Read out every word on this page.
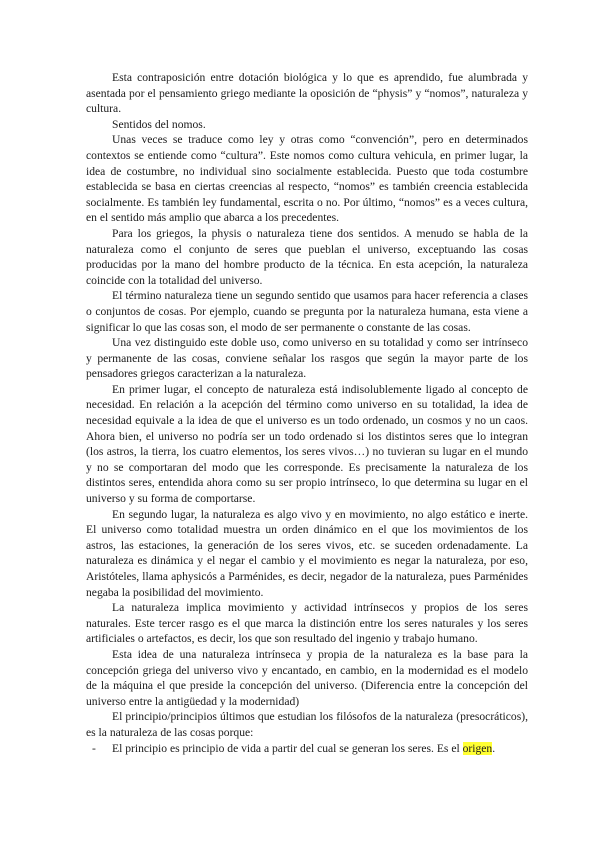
Esta contraposición entre dotación biológica y lo que es aprendido, fue alumbrada y asentada por el pensamiento griego mediante la oposición de “physis” y “nomos”, naturaleza y cultura.

Sentidos del nomos.

Unas veces se traduce como ley y otras como “convención”, pero en determinados contextos se entiende como “cultura”. Este nomos como cultura vehicula, en primer lugar, la idea de costumbre, no individual sino socialmente establecida. Puesto que toda costumbre establecida se basa en ciertas creencias al respecto, “nomos” es también creencia establecida socialmente. Es también ley fundamental, escrita o no. Por último, “nomos” es a veces cultura, en el sentido más amplio que abarca a los precedentes.

Para los griegos, la physis o naturaleza tiene dos sentidos. A menudo se habla de la naturaleza como el conjunto de seres que pueblan el universo, exceptuando las cosas producidas por la mano del hombre producto de la técnica. En esta acepción, la naturaleza coincide con la totalidad del universo.

El término naturaleza tiene un segundo sentido que usamos para hacer referencia a clases o conjuntos de cosas. Por ejemplo, cuando se pregunta por la naturaleza humana, esta viene a significar lo que las cosas son, el modo de ser permanente o constante de las cosas.

Una vez distinguido este doble uso, como universo en su totalidad y como ser intrínseco y permanente de las cosas, conviene señalar los rasgos que según la mayor parte de los pensadores griegos caracterizan a la naturaleza.

En primer lugar, el concepto de naturaleza está indisolublemente ligado al concepto de necesidad. En relación a la acepción del término como universo en su totalidad, la idea de necesidad equivale a la idea de que el universo es un todo ordenado, un cosmos y no un caos. Ahora bien, el universo no podría ser un todo ordenado si los distintos seres que lo integran (los astros, la tierra, los cuatro elementos, los seres vivos…) no tuvieran su lugar en el mundo y no se comportaran del modo que les corresponde. Es precisamente la naturaleza de los distintos seres, entendida ahora como su ser propio intrínseco, lo que determina su lugar en el universo y su forma de comportarse.

En segundo lugar, la naturaleza es algo vivo y en movimiento, no algo estático e inerte. El universo como totalidad muestra un orden dinámico en el que los movimientos de los astros, las estaciones, la generación de los seres vivos, etc. se suceden ordenadamente. La naturaleza es dinámica y el negar el cambio y el movimiento es negar la naturaleza, por eso, Aristóteles, llama aphysicós a Parménides, es decir, negador de la naturaleza, pues Parménides negaba la posibilidad del movimiento.

La naturaleza implica movimiento y actividad intrínsecos y propios de los seres naturales. Este tercer rasgo es el que marca la distinción entre los seres naturales y los seres artificiales o artefactos, es decir, los que son resultado del ingenio y trabajo humano.

Esta idea de una naturaleza intrínseca y propia de la naturaleza es la base para la concepción griega del universo vivo y encantado, en cambio, en la modernidad es el modelo de la máquina el que preside la concepción del universo. (Diferencia entre la concepción del universo entre la antigüedad y la modernidad)

El principio/principios últimos que estudian los filósofos de la naturaleza (presocráticos), es la naturaleza de las cosas porque:

- El principio es principio de vida a partir del cual se generan los seres. Es el origen.
